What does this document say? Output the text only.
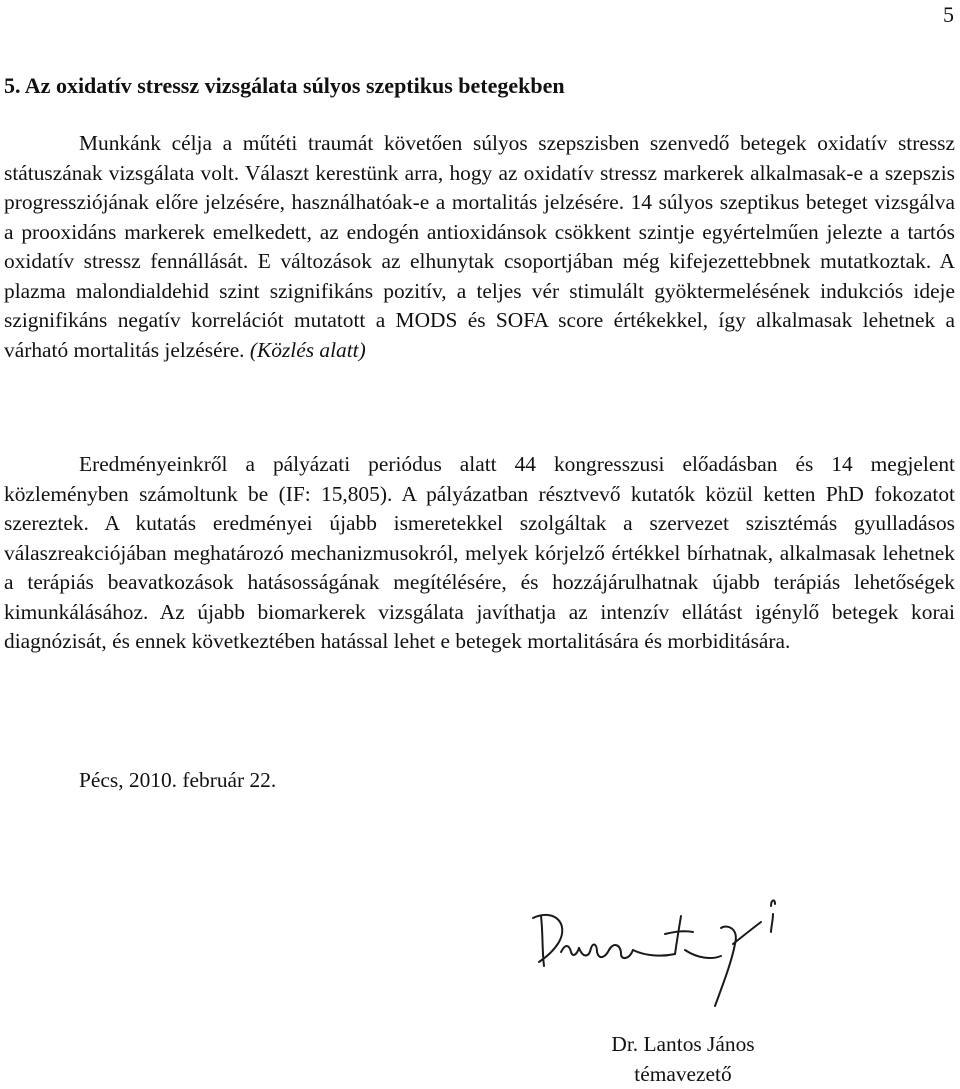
5
5. Az oxidatív stressz vizsgálata súlyos szeptikus betegekben

Munkánk célja a műtéti traumát követően súlyos szepszisben szenvedő betegek oxidatív stressz státuszának vizsgálata volt. Választ kerestünk arra, hogy az oxidatív stressz markerek alkalmasak-e a szepszis progressziójának előre jelzésére, használhatóak-e a mortalitás jelzésére. 14 súlyos szeptikus beteget vizsgálva a prooxidáns markerek emelkedett, az endogén antioxidánsok csökkent szintje egyértelműen jelezte a tartós oxidatív stressz fennállását. E változások az elhunytak csoportjában még kifejezettebbnek mutatkoztak. A plazma malondialdehid szint szignifikáns pozitív, a teljes vér stimulált gyöktermelésének indukciós ideje szignifikáns negatív korrelációt mutatott a MODS és SOFA score értékekkel, így alkalmasak lehetnek a várható mortalitás jelzésére. (Közlés alatt)

Eredményeinkről a pályázati periódus alatt 44 kongresszusi előadásban és 14 megjelent közleményben számoltunk be (IF: 15,805). A pályázatban résztvevő kutatók közül ketten PhD fokozatot szereztek. A kutatás eredményei újabb ismeretekkel szolgáltak a szervezet szisztémás gyulladásos válaszreakciójában meghatározó mechanizmusokról, melyek kórjelző értékkel bírhatnak, alkalmasak lehetnek a terápiás beavatkozások hatásosságának megítélésére, és hozzájárulhatnak újabb terápiás lehetőségek kimunkálásához. Az újabb biomarkerek vizsgálata javíthatja az intenzív ellátást igénylő betegek korai diagnózisát, és ennek következtében hatással lehet e betegek mortalitására és morbiditására.

Pécs, 2010. február 22.

Dr. Lantos János
témavezető
